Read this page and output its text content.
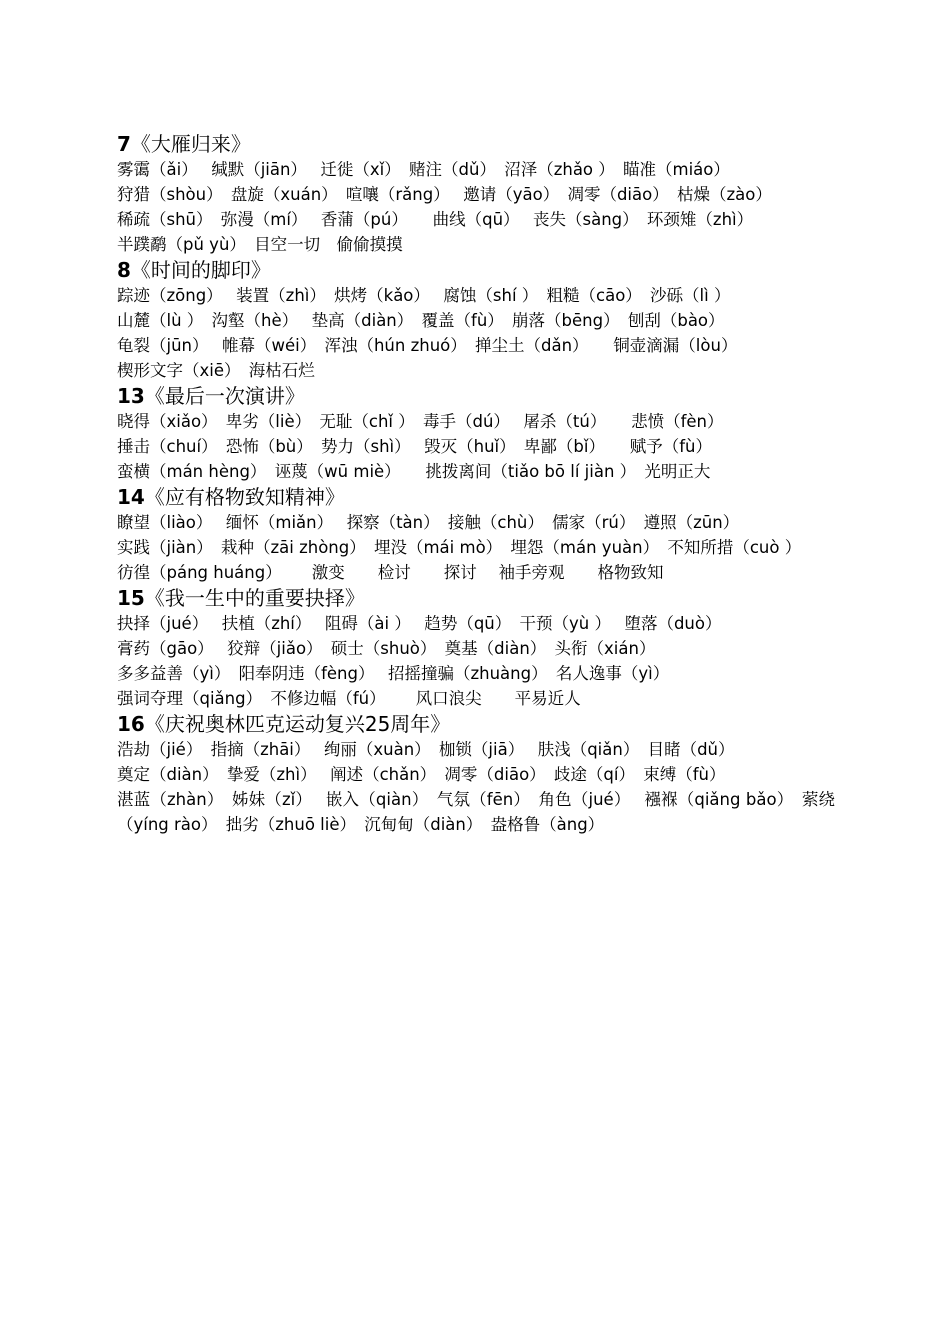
7《大雁归来》
雾霭（ǎi）　 缄默（jiān）　 迁徙（xǐ）　赌注（dǔ）　沼泽（zhǎo ）　瞄准（miáo）
狩猎（shòu）　盘旋（xuán）　喧嚷（rǎng）　 邀请（yāo）　凋零（diāo）　枯燥（zào）
稀疏（shū）　弥漫（mí）　 香蒲（pú）　　曲线（qū）　 丧失（sàng）　环颈雉（zhì）
半蹼鹬（pǔ yù）　目空一切　偷偷摸摸
8《时间的脚印》
踪迹（zōng）　 装置（zhì）　烘烤（kǎo）　 腐蚀（shí ）　粗糙（cāo）　沙砾（lì ）
山麓（lù ）　沟壑（hè）　 垫高（diàn）　覆盖（fù）　崩落（bēng）　刨刮（bào）
龟裂（jūn）　 帷幕（wéi）　浑浊（hún zhuó）　掸尘土（dǎn）　　铜壶滴漏（lòu）
楔形文字（xiē）　海枯石烂
13《最后一次演讲》
晓得（xiǎo）　卑劣（liè）　无耻（chǐ ）　毒手（dú）　 屠杀（tú）　　悲愤（fèn）
捶击（chuí）　恐怖（bù）　势力（shì）　 毁灭（huǐ）　卑鄙（bǐ）　　赋予（fù）
蛮横（mán hèng）　诬蔑（wū miè）　　挑拨离间（tiǎo bō lí jiàn ）　光明正大
14《应有格物致知精神》
瞭望（liào）　 缅怀（miǎn）　 探察（tàn）　接触（chù）　儒家（rú）　遵照（zūn）
实践（jiàn）　栽种（zāi zhòng）　埋没（mái mò）　埋怨（mán yuàn）　不知所措（cuò ）
彷徨（páng huáng）　　 激变　　检讨　　探讨　 袖手旁观　　格物致知
15《我一生中的重要抉择》
抉择（jué）　 扶植（zhí）　 阻碍（ài ）　 趋势（qū）　干预（yù ）　 堕落（duò）
膏药（gāo）　 狡辩（jiǎo）　硕士（shuò）　奠基（diàn）　头衔（xián）
多多益善（yì）　阳奉阴违（fèng）　 招摇撞骗（zhuàng）　名人逸事（yì）
强词夺理（qiǎng）　不修边幅（fú）　　 风口浪尖　　平易近人
16《庆祝奥林匹克运动复兴25周年》
浩劫（jié）　指摘（zhāi）　 绚丽（xuàn）　枷锁（jiā）　 肤浅（qiǎn）　目睹（dǔ）
奠定（diàn）　挚爱（zhì）　 阐述（chǎn）　凋零（diāo）　歧途（qí）　束缚（fù）
湛蓝（zhàn）　姊妹（zǐ）　 嵌入（qiàn）　气氛（fēn）　角色（jué）　 襁褓（qiǎng bǎo）　萦绕（yíng rào）　拙劣（zhuō liè）　沉甸甸（diàn）　盎格鲁（àng）
